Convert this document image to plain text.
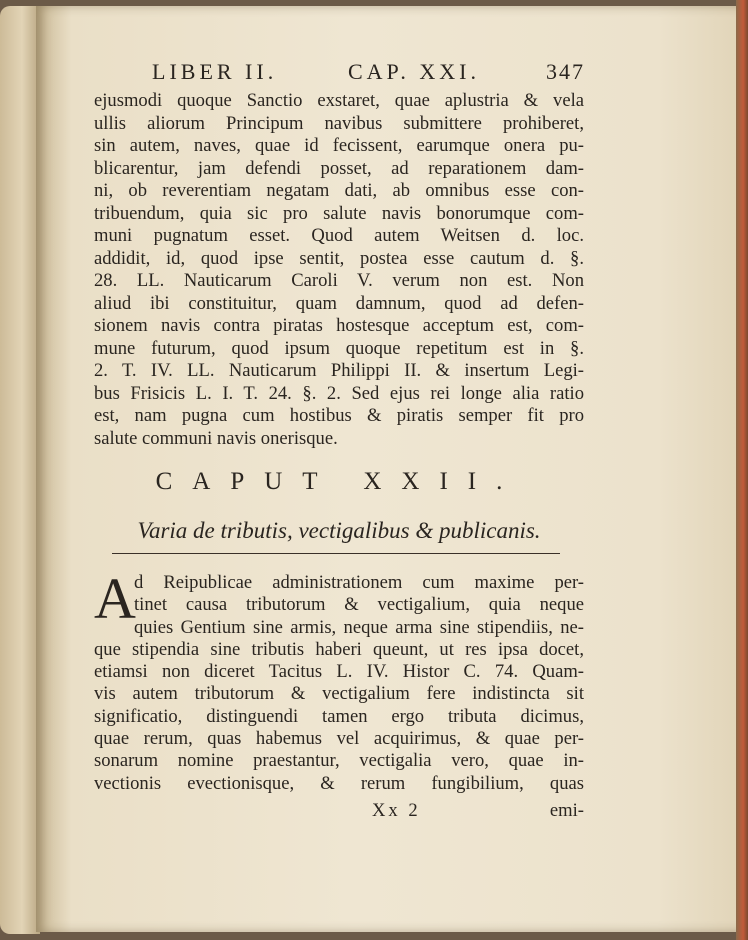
LIBER II.	CAP. XXI.	347
ejusmodi quoque Sanctio exstaret, quae aplustria & vela
ullis aliorum Principum navibus submittere prohiberet,
sin autem, naves, quae id fecissent, earumque onera pu-
blicarentur, jam defendi posset, ad reparationem dam-
ni, ob reverentiam negatam dati, ab omnibus esse con-
tribuendum, quia sic pro salute navis bonorumque com-
muni pugnatum esset. Quod autem Weitsen d. loc.
addidit, id, quod ipse sentit, postea esse cautum d. §.
28. LL. Nauticarum Caroli V. verum non est. Non
aliud ibi constituitur, quam damnum, quod ad defen-
sionem navis contra piratas hostesque acceptum est, com-
mune futurum, quod ipsum quoque repetitum est in §.
2. T. IV. LL. Nauticarum Philippi II. & insertum Legi-
bus Frisicis L. I. T. 24. §. 2. Sed ejus rei longe alia ratio
est, nam pugna cum hostibus & piratis semper fit pro
salute communi navis onerisque.
CAPUT XXII.
Varia de tributis, vectigalibus & publicanis.
A
d Reipublicae administrationem cum maxime per-
tinet causa tributorum & vectigalium, quia neque
quies Gentium sine armis, neque arma sine stipendiis, ne-
que stipendia sine tributis haberi queunt, ut res ipsa docet,
etiamsi non diceret Tacitus L. IV. Histor C. 74. Quam-
vis autem tributorum & vectigalium fere indistincta sit
significatio, distinguendi tamen ergo tributa dicimus,
quae rerum, quas habemus vel acquirimus, & quae per-
sonarum nomine praestantur, vectigalia vero, quae in-
vectionis evectionisque, & rerum fungibilium, quas
Xx 2	emi-
